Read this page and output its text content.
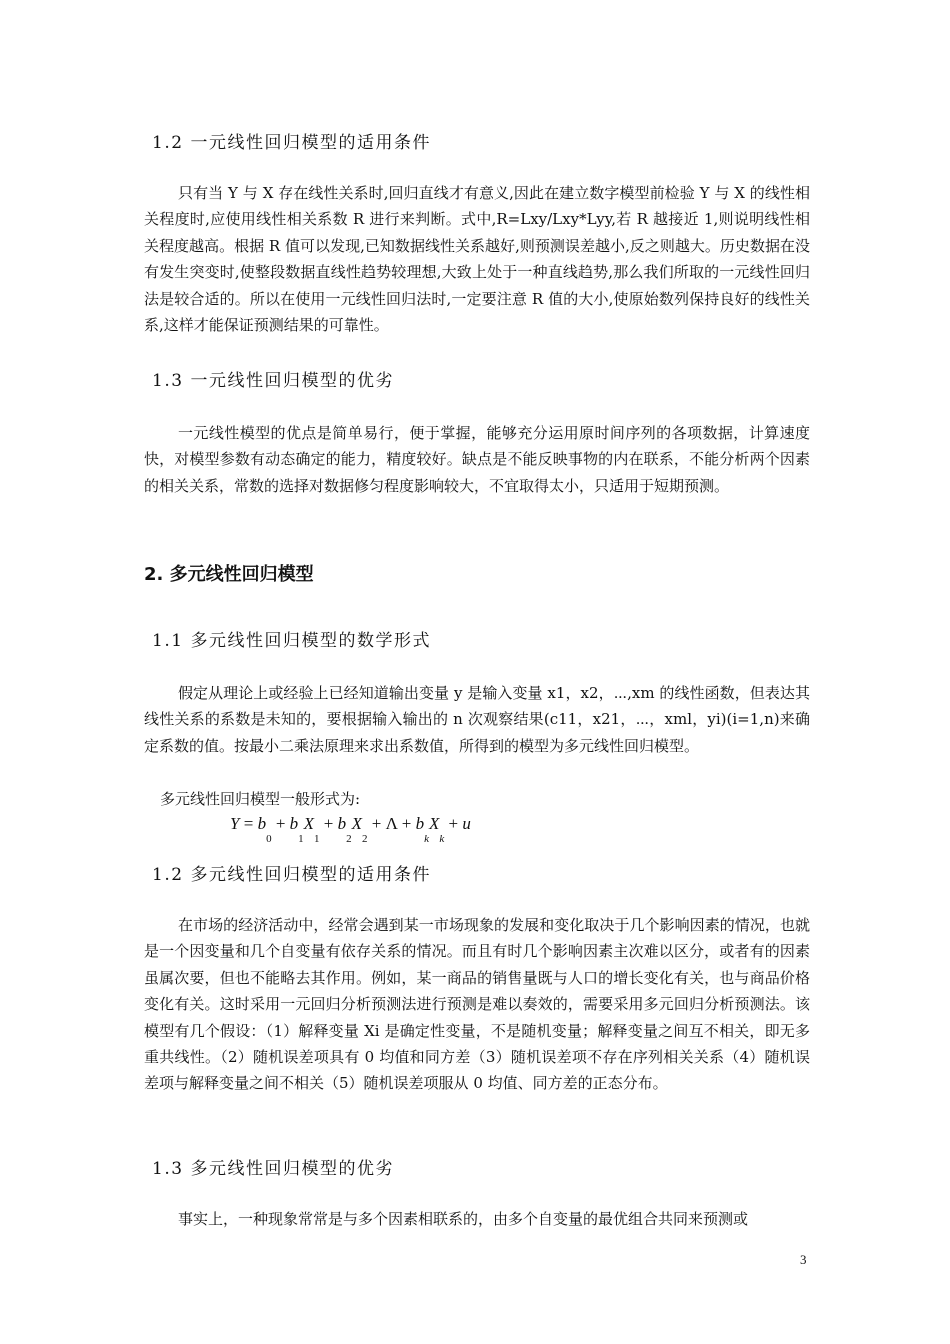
1.2 一元线性回归模型的适用条件

只有当 Y 与 X 存在线性关系时,回归直线才有意义,因此在建立数字模型前检验 Y 与 X 的线性相关程度时,应使用线性相关系数 R 进行来判断。式中,R=Lxy/Lxy*Lyy,若 R 越接近 1,则说明线性相关程度越高。根据 R 值可以发现,已知数据线性关系越好,则预测误差越小,反之则越大。历史数据在没有发生突变时,使整段数据直线性趋势较理想,大致上处于一种直线趋势,那么我们所取的一元线性回归法是较合适的。所以在使用一元线性回归法时,一定要注意 R 值的大小,使原始数列保持良好的线性关系,这样才能保证预测结果的可靠性。

1.3 一元线性回归模型的优劣

一元线性模型的优点是简单易行，便于掌握，能够充分运用原时间序列的各项数据，计算速度快，对模型参数有动态确定的能力，精度较好。缺点是不能反映事物的内在联系，不能分析两个因素的相关关系，常数的选择对数据修匀程度影响较大，不宜取得太小，只适用于短期预测。

2. 多元线性回归模型
1.1 多元线性回归模型的数学形式

假定从理论上或经验上已经知道输出变量 y 是输入变量 x1，x2，⋯,xm 的线性函数，但表达其线性关系的系数是未知的，要根据输入输出的 n 次观察结果(c11，x21，⋯，xml，yi)(i=1,n)来确定系数的值。按最小二乘法原理来求出系数值，所得到的模型为多元线性回归模型。

多元线性回归模型一般形式为:
$Y = b_0 + b_1X_1 + b_2X_2 + \Lambda + b_kX_k + u$
1.2 多元线性回归模型的适用条件

在市场的经济活动中，经常会遇到某一市场现象的发展和变化取决于几个影响因素的情况，也就是一个因变量和几个自变量有依存关系的情况。而且有时几个影响因素主次难以区分，或者有的因素虽属次要，但也不能略去其作用。例如，某一商品的销售量既与人口的增长变化有关，也与商品价格变化有关。这时采用一元回归分析预测法进行预测是难以奏效的，需要采用多元回归分析预测法。该模型有几个假设：（1）解释变量 Xi 是确定性变量，不是随机变量；解释变量之间互不相关，即无多重共线性。（2）随机误差项具有 0 均值和同方差（3）随机误差项不存在序列相关关系（4）随机误差项与解释变量之间不相关（5）随机误差项服从 0 均值、同方差的正态分布。

1.3 多元线性回归模型的优劣

事实上，一种现象常常是与多个因素相联系的，由多个自变量的最优组合共同来预测或

3
